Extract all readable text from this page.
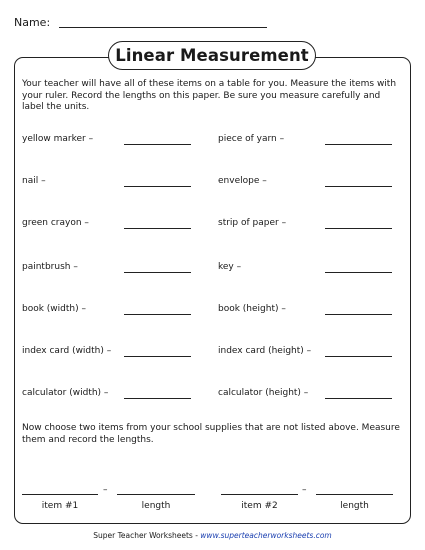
Name:
Linear Measurement
Your teacher will have all of these items on a table for you. Measure the items with your ruler. Record the lengths on this paper. Be sure you measure carefully and label the units.
yellow marker –	piece of yarn –
nail –	envelope –
green crayon –	strip of paper –
paintbrush –	key –
book (width) –	book (height) –
index card (width) –	index card (height) –
calculator (width) –	calculator (height) –
Now choose two items from your school supplies that are not listed above. Measure them and record the lengths.
–	–
item #1	length	item #2	length
Super Teacher Worksheets - www.superteacherworksheets.com
